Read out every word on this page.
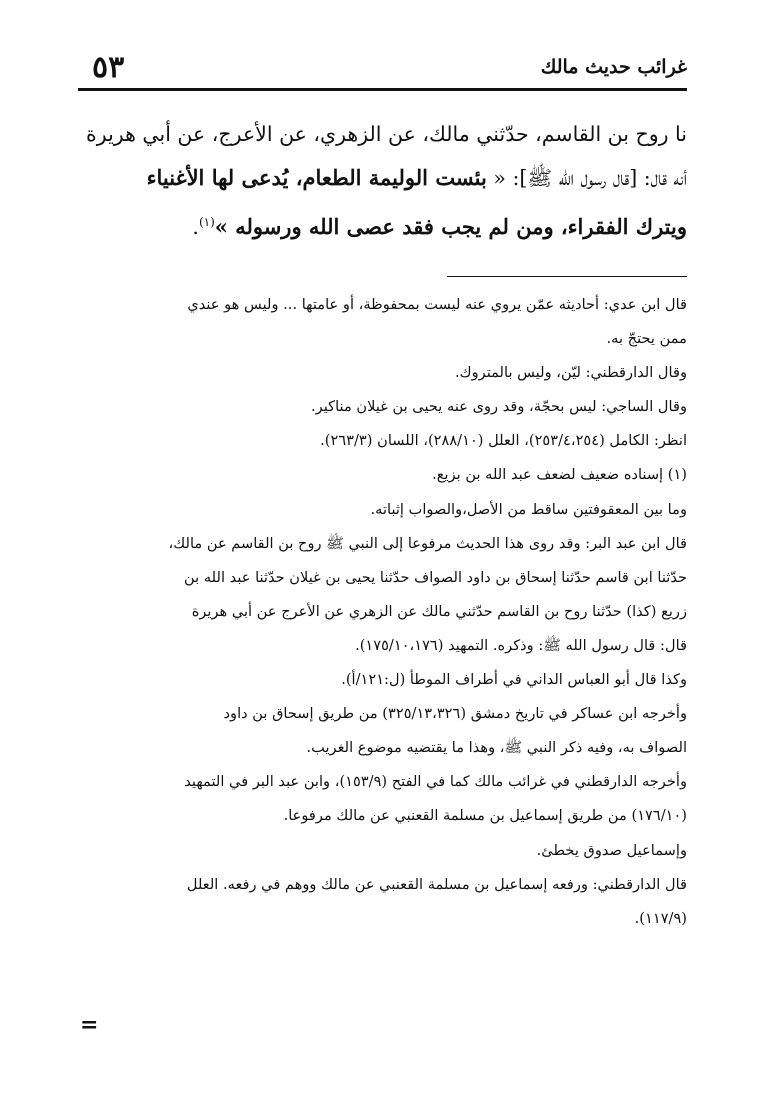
غرائب حديث مالك
٥٣
نا روح بن القاسم، حدّثني مالك، عن الزهري، عن الأعرج، عن أبي هريرة
أنه قال: [قال رسول الله ﷺ]: « بئست الوليمة الطعام، يُدعى لها الأغنياء
ويترك الفقراء، ومن لم يجب فقد عصى الله ورسوله »$^{(١)}$.
قال ابن عدي: أحاديثه عمّن يروي عنه ليست بمحفوظة، أو عامتها ... وليس هو عندي
ممن يحتجّ به.
وقال الدارقطني: ليّن، وليس بالمتروك.
وقال الساجي: ليس بحجّة، وقد روى عنه يحيى بن غيلان مناكير.
انظر: الكامل (٢٥٣/٤،٢٥٤)، العلل (٢٨٨/١٠)، اللسان (٢٦٣/٣).
(١) إسناده ضعيف لضعف عبد الله بن بزيع.
وما بين المعقوفتين ساقط من الأصل،والصواب إثباته.
قال ابن عبد البر: وقد روى هذا الحديث مرفوعا إلى النبي ﷺ روح بن القاسم عن مالك،
حدّثنا ابن قاسم حدّثنا إسحاق بن داود الصواف حدّثنا يحيى بن غيلان حدّثنا عبد الله بن
زريع (كذا) حدّثنا روح بن القاسم حدّثني مالك عن الزهري عن الأعرج عن أبي هريرة
قال: قال رسول الله ﷺ: وذكره. التمهيد (١٧٥/١٠،١٧٦).
وكذا قال أبو العباس الداني في أطراف الموطأ (ل:١٢١/أ).
وأخرجه ابن عساكر في تاريخ دمشق (٣٢٥/١٣،٣٢٦) من طريق إسحاق بن داود
الصواف به، وفيه ذكر النبي ﷺ، وهذا ما يقتضيه موضوع الغريب.
وأخرجه الدارقطني في غرائب مالك كما في الفتح (١٥٣/٩)، وابن عبد البر في التمهيد
(١٧٦/١٠) من طريق إسماعيل بن مسلمة القعنبي عن مالك مرفوعا.
وإسماعيل صدوق يخطئ.
قال الدارقطني: ورفعه إسماعيل بن مسلمة القعنبي عن مالك ووهم في رفعه. العلل
(١١٧/٩).
=
